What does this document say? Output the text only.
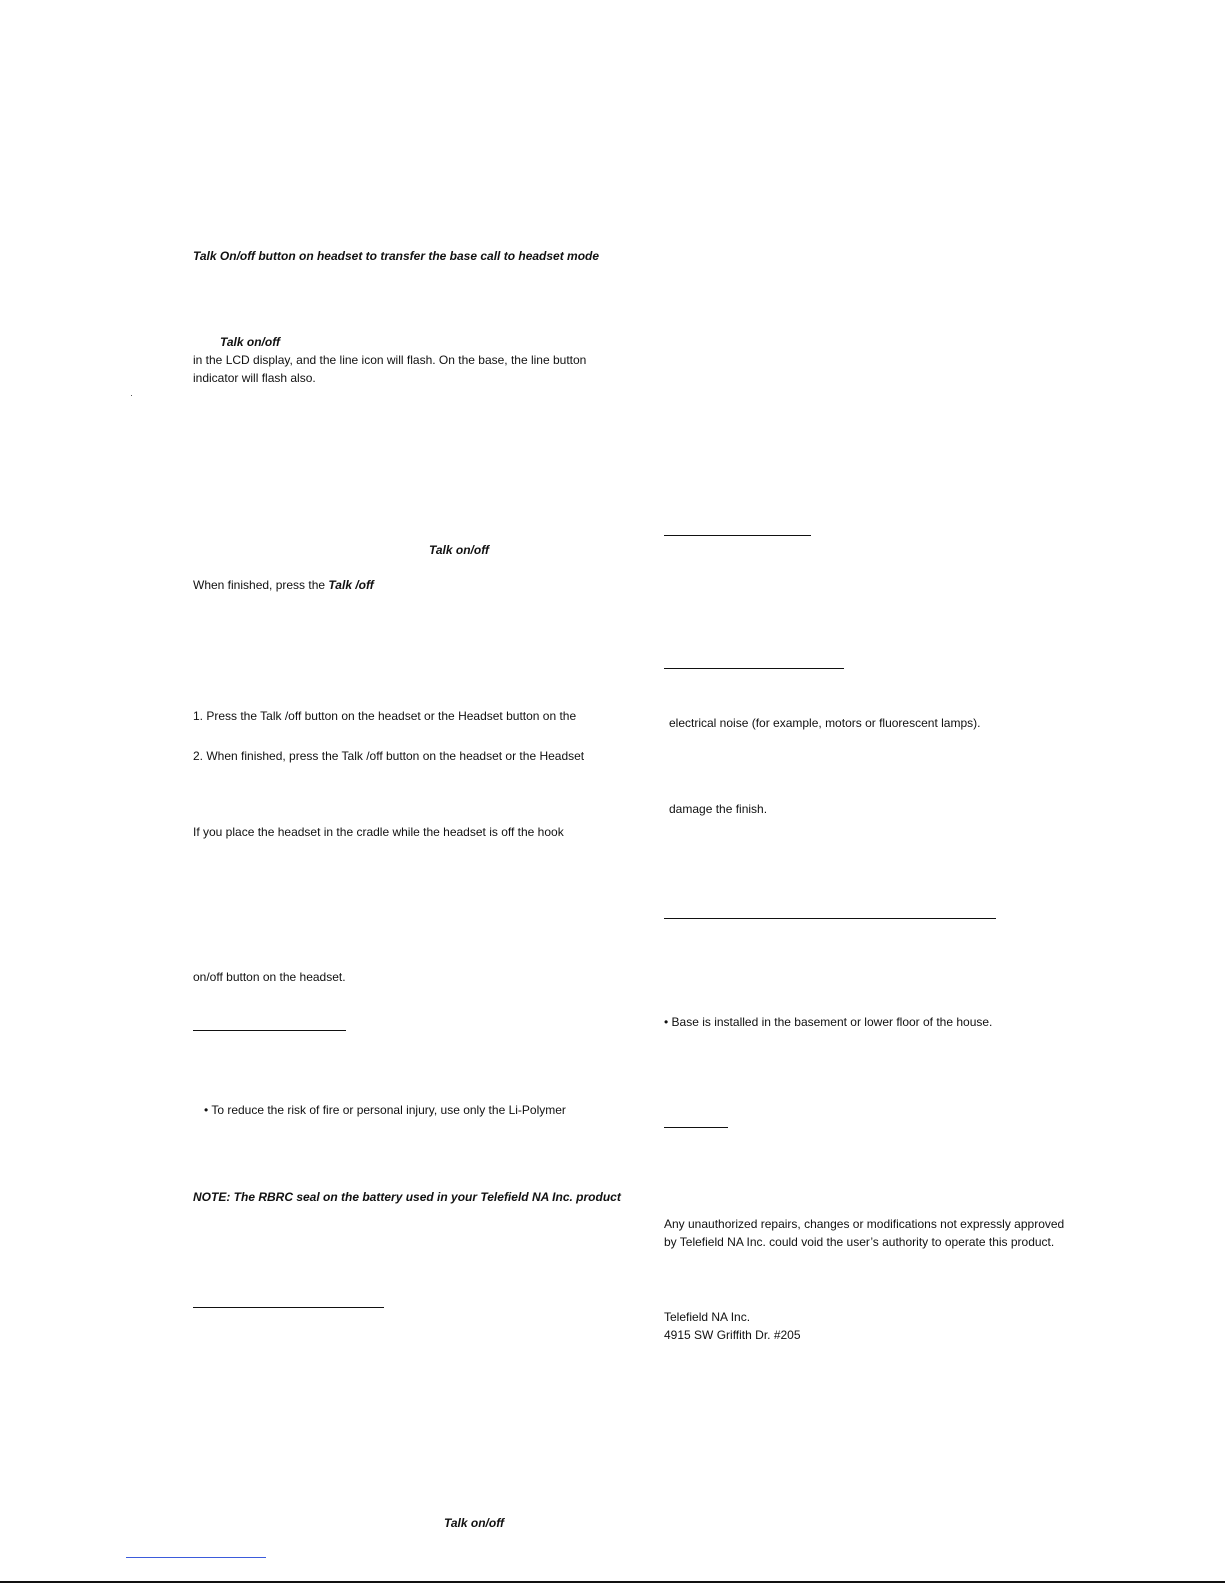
Talk On/off button on headset to transfer the base call to headset mode
Talk on/off
in the LCD display, and the line icon will flash. On the base, the line button
indicator will flash also.
Talk on/off
When finished, press the Talk /off
1. Press the Talk /off button on the headset or the Headset button on the
2. When finished, press the Talk /off button on the headset or the Headset
If you place the headset in the cradle while the headset is off the hook
on/off button on the headset.
• To reduce the risk of fire or personal injury, use only the Li-Polymer
NOTE: The RBRC seal on the battery used in your Telefield NA Inc. product
Talk on/off
electrical noise (for example, motors or fluorescent lamps).
damage the finish.
• Base is installed in the basement or lower floor of the house.
Any unauthorized repairs, changes or modifications not expressly approved
by Telefield NA Inc. could void the user’s authority to operate this product.
Telefield NA Inc.
4915 SW Griffith Dr. #205
